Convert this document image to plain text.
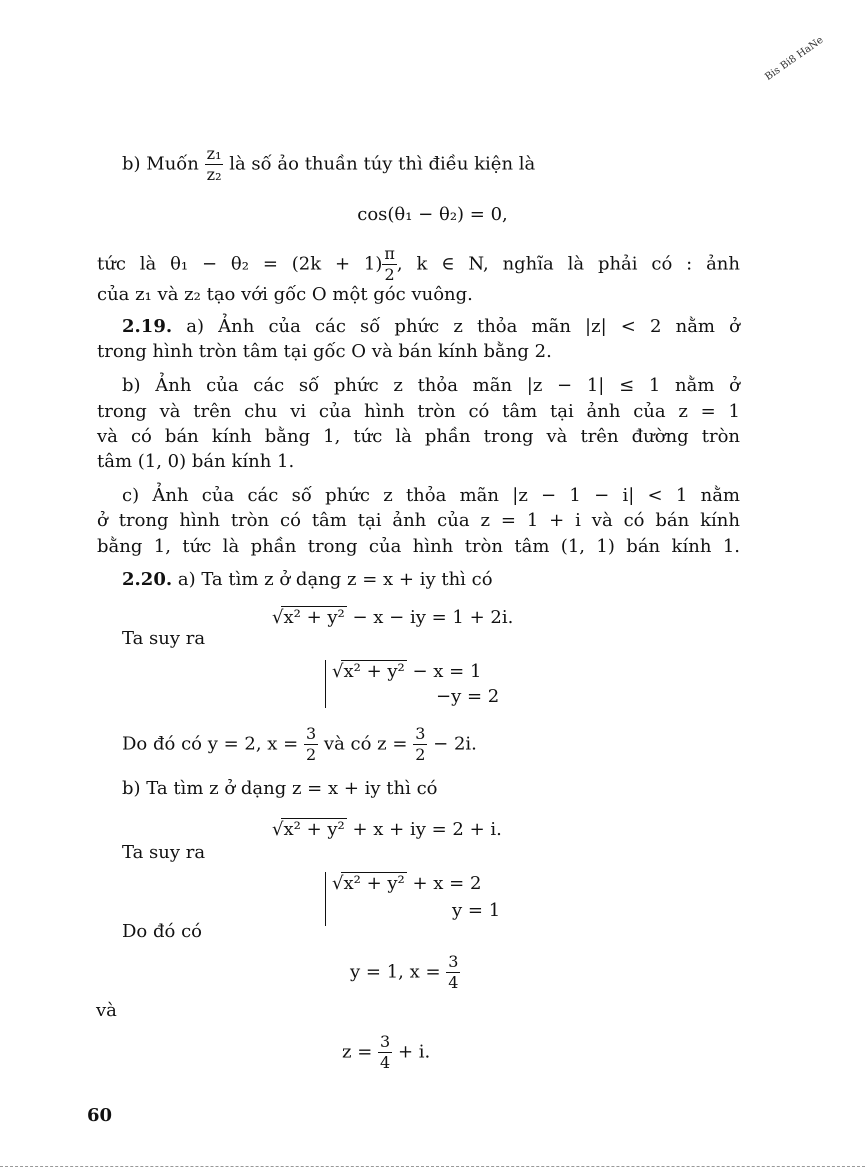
Bis Bi8 HaNe
b) Muốn $\frac{\text{z₁}}{\text{z₂}}$ là số ảo thuần túy thì điều kiện là
cos(θ₁ − θ₂) = 0,
tức là $\theta_1 - \theta_2 = (2k + 1) \frac{\pi}{2}$ , k ∈ N, nghĩa là phải có : ảnh
của z₁ và z₂ tạo với gốc O một góc vuông.
2.19. a) Ảnh của các số phức z thỏa mãn |z| < 2 nằm ở
trong hình tròn tâm tại gốc O và bán kính bằng 2.
b) Ảnh của các số phức z thỏa mãn |z − 1| ≤ 1 nằm ở
trong và trên chu vi của hình tròn có tâm tại ảnh của z = 1
và có bán kính bằng 1, tức là phần trong và trên đường tròn
tâm (1, 0) bán kính 1.
c) Ảnh của các số phức z thỏa mãn |z − 1 − i| < 1 nằm
ở trong hình tròn có tâm tại ảnh của z = 1 + i và có bán kính
bằng 1, tức là phần trong của hình tròn tâm (1, 1) bán kính 1.
2.20. a) Ta tìm z ở dạng z = x + iy thì có
√x² + y² − x − iy = 1 + 2i.
Ta suy ra
√x² + y² − x = 1
−y = 2
Do đó có y = 2, $x = \frac{3}{2}$ và có $z = \frac{3}{2} - 2i$.
b) Ta tìm z ở dạng z = x + iy thì có
√x² + y² + x + iy = 2 + i.
Ta suy ra
√x² + y² + x = 2
y = 1
Do đó có
y = 1, $x = \frac{3}{4}$
và
$z = \frac{3}{4} + i$.
60
